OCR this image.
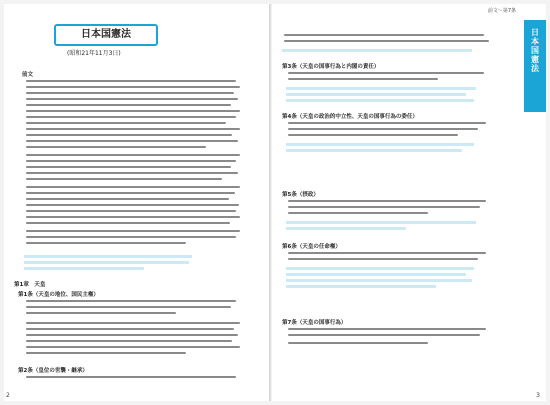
日本国憲法
(昭和21年11月3日)
前文
第1章　天皇
第1条（天皇の地位、国民主権）
第2条（皇位の世襲・継承）
2
前文〜第7条
日本国憲法
第3条（天皇の国事行為と内閣の責任）
第4条（天皇の政治的中立性、天皇の国事行為の委任）
第5条（摂政）
第6条（天皇の任命権）
第7条（天皇の国事行為）
3
